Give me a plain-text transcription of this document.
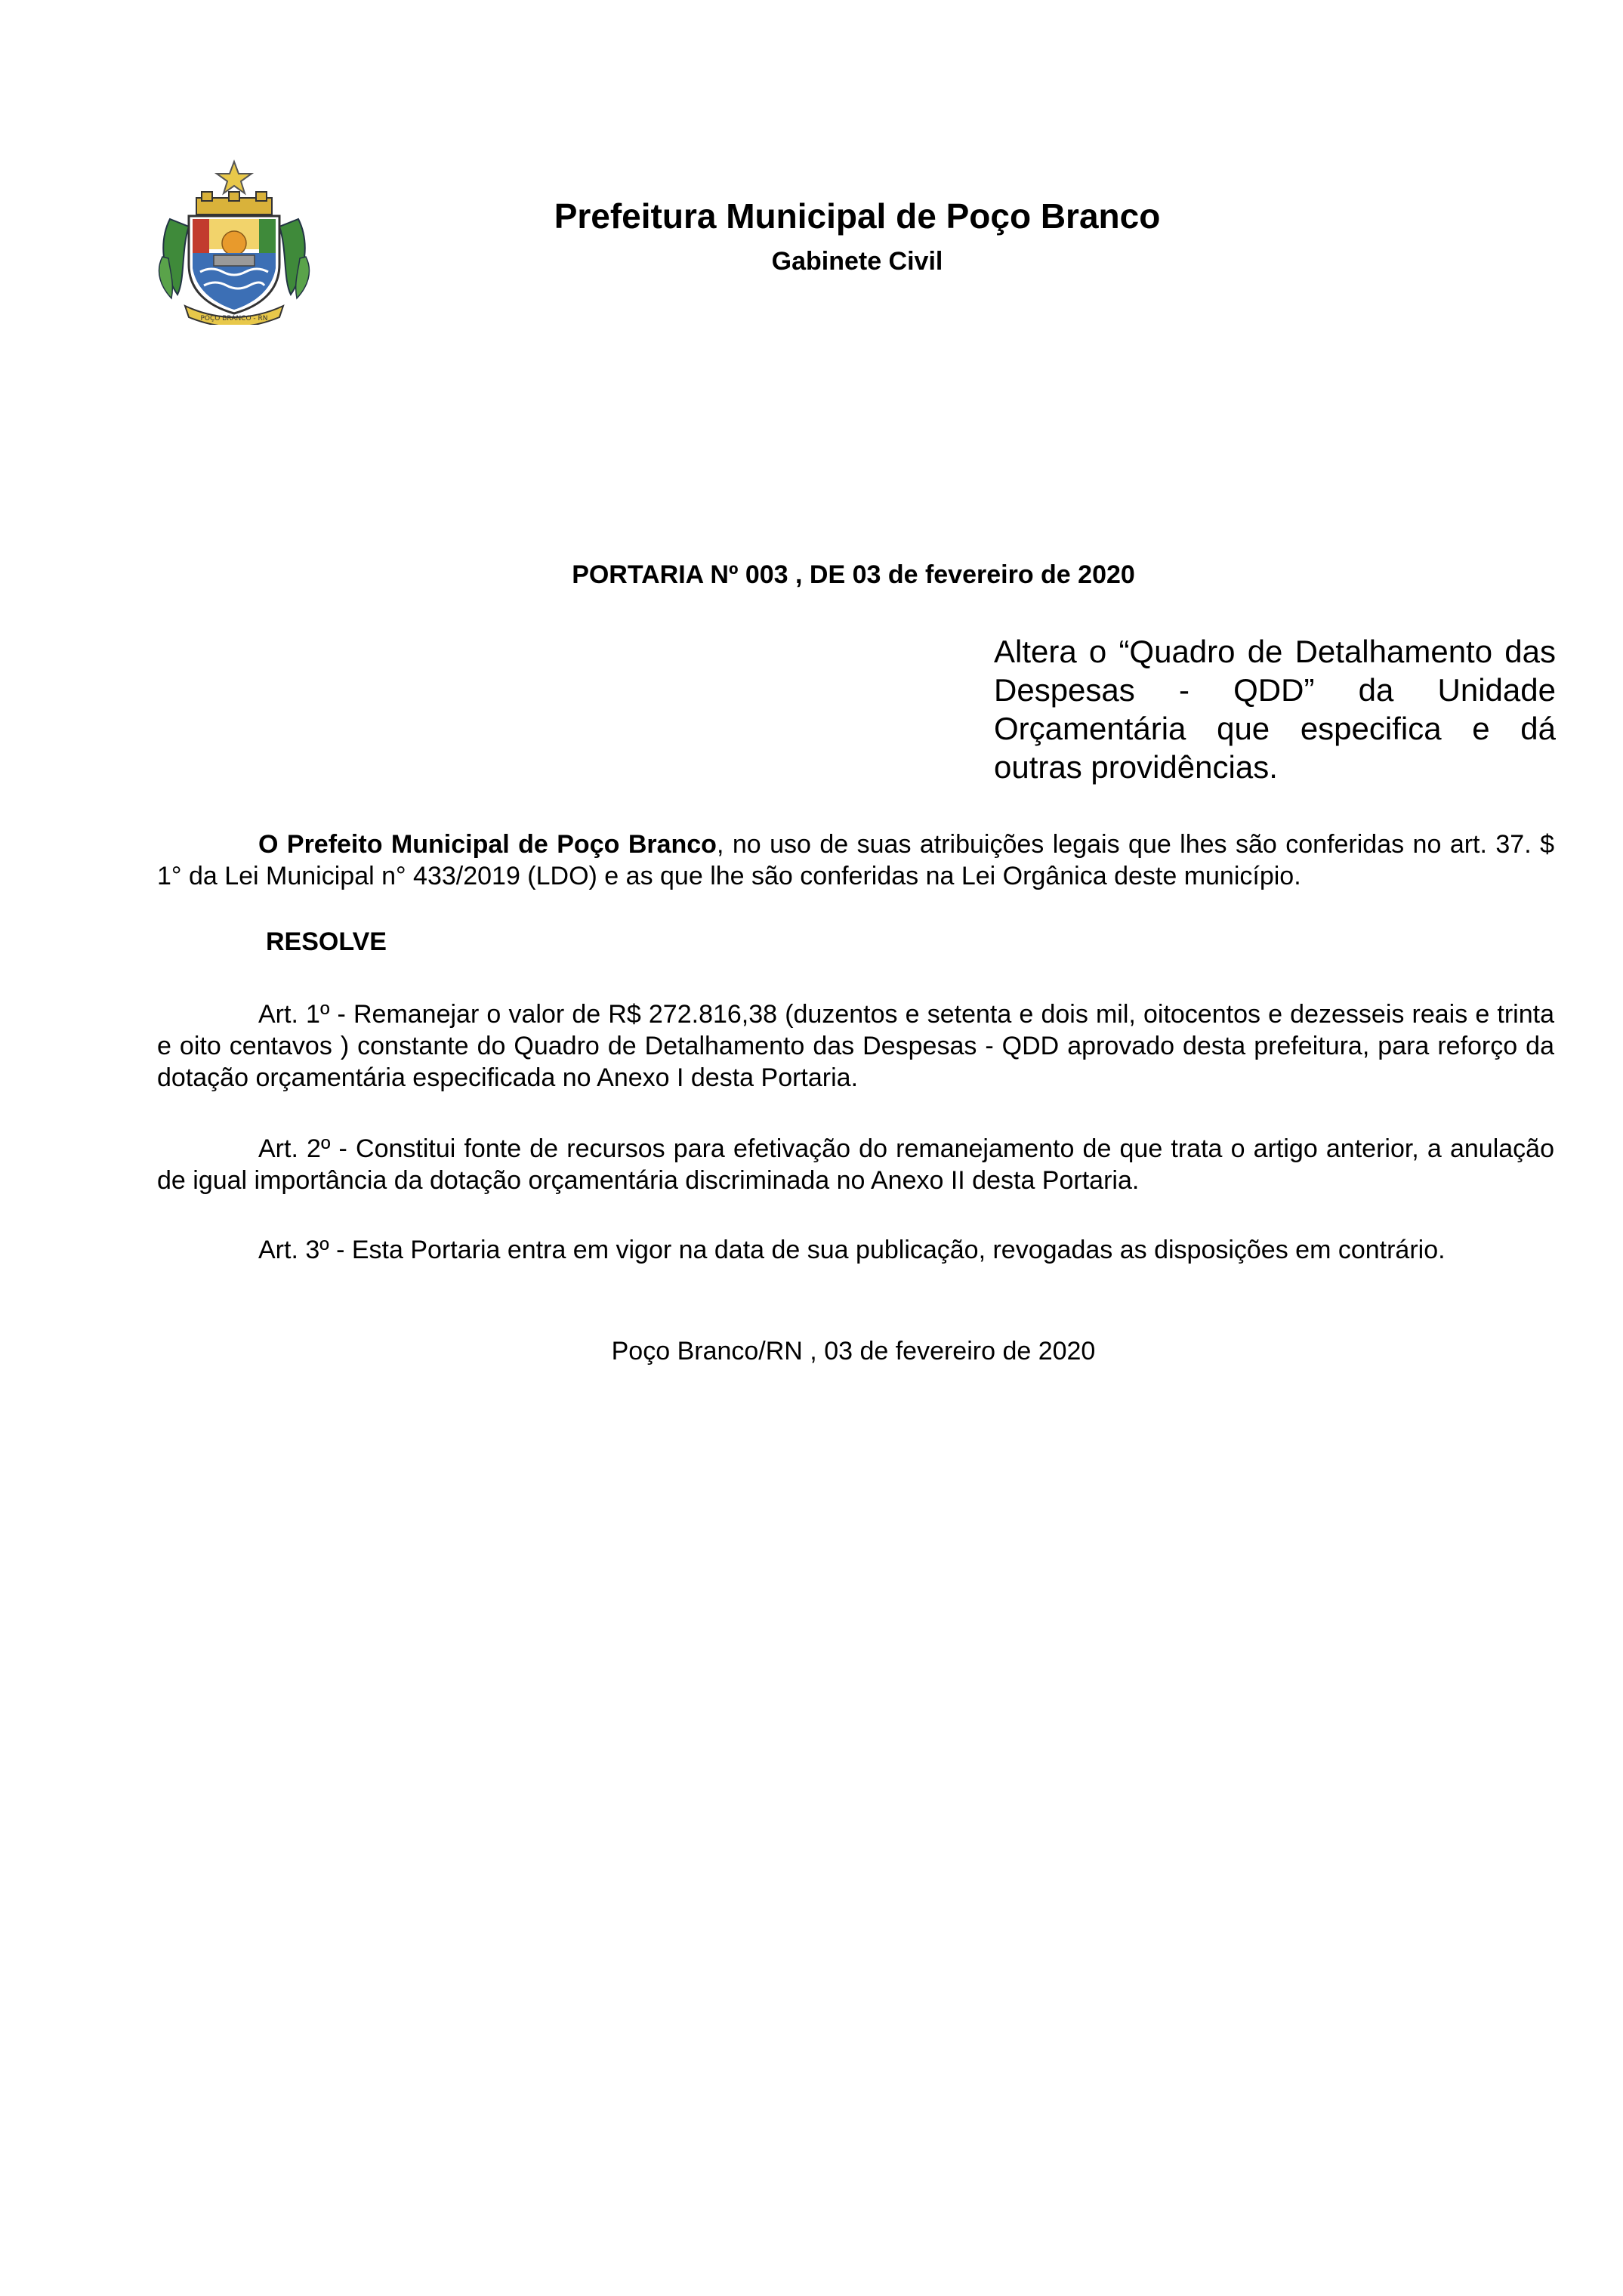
POÇO BRANCO - RN
Prefeitura Municipal de Poço Branco
Gabinete Civil
PORTARIA Nº 003 , DE 03 de fevereiro de 2020
Altera o “Quadro de Detalhamento das Despesas - QDD” da Unidade Orçamentária que especifica e dá outras providências.

O Prefeito Municipal de Poço Branco, no uso de suas atribuições legais que lhes são conferidas no art. 37. $ 1° da Lei Municipal n° 433/2019 (LDO) e as que lhe são conferidas na Lei Orgânica deste município.

RESOLVE

Art. 1º - Remanejar o valor de R$ 272.816,38 (duzentos e setenta e dois mil, oitocentos e dezesseis reais e trinta e oito centavos ) constante do Quadro de Detalhamento das Despesas - QDD aprovado desta prefeitura, para reforço da dotação orçamentária especificada no Anexo I desta Portaria.

Art. 2º - Constitui fonte de recursos para efetivação do remanejamento de que trata o artigo anterior, a anulação de igual importância da dotação orçamentária discriminada no Anexo II desta Portaria.

Art. 3º - Esta Portaria entra em vigor na data de sua publicação, revogadas as disposições em contrário.

Poço Branco/RN , 03 de fevereiro de 2020
